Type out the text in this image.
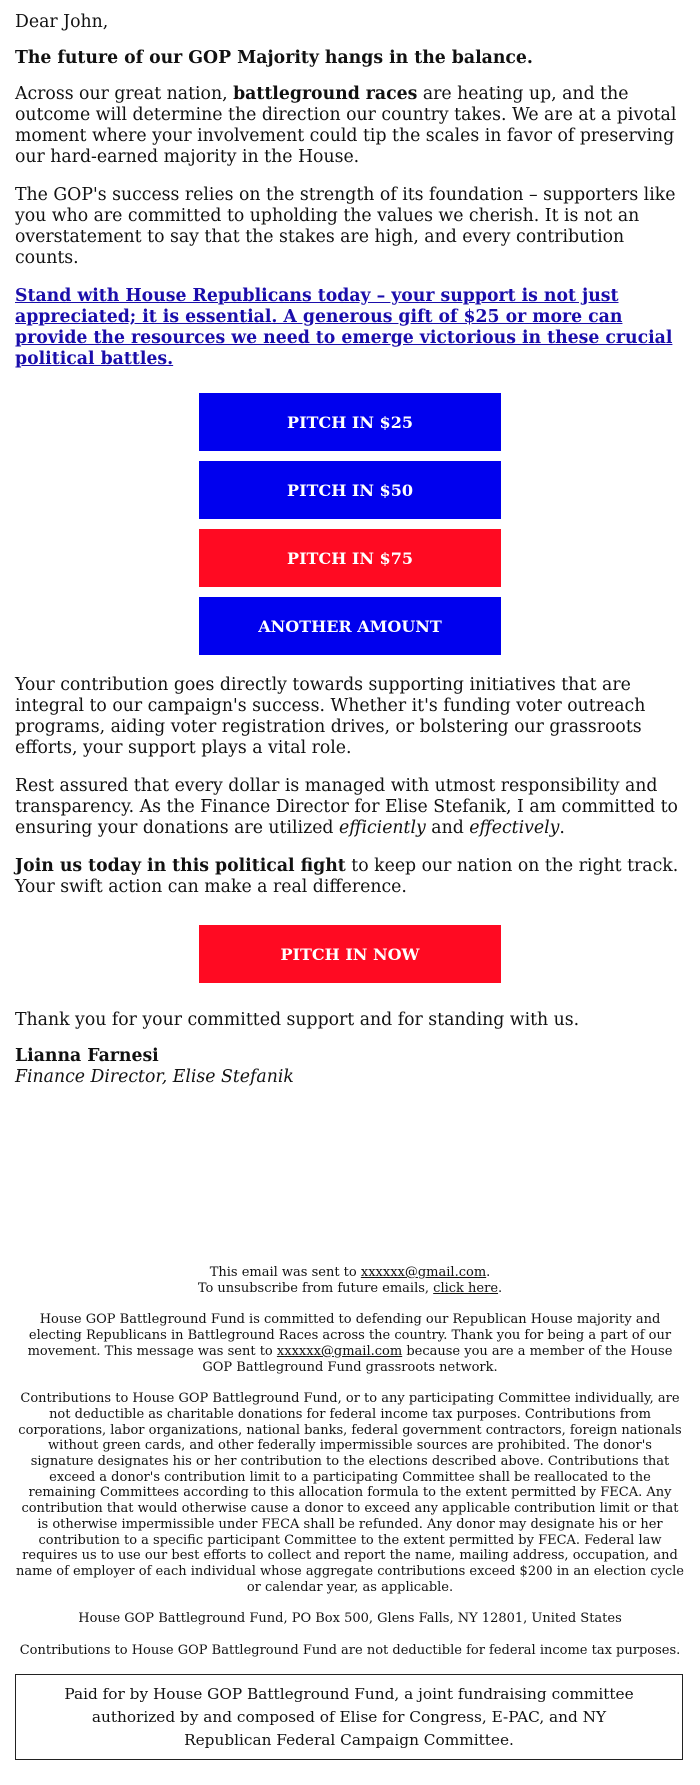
Dear John,

The future of our GOP Majority hangs in the balance.

Across our great nation, battleground races are heating up, and the outcome will determine the direction our country takes. We are at a pivotal moment where your involvement could tip the scales in favor of preserving our hard-earned majority in the House.

The GOP's success relies on the strength of its foundation – supporters like you who are committed to upholding the values we cherish. It is not an overstatement to say that the stakes are high, and every contribution counts.

Stand with House Republicans today – your support is not just appreciated; it is essential. A generous gift of $25 or more can provide the resources we need to emerge victorious in these crucial political battles.

PITCH IN $25
PITCH IN $50
PITCH IN $75
ANOTHER AMOUNT

Your contribution goes directly towards supporting initiatives that are integral to our campaign's success. Whether it's funding voter outreach programs, aiding voter registration drives, or bolstering our grassroots efforts, your support plays a vital role.

Rest assured that every dollar is managed with utmost responsibility and transparency. As the Finance Director for Elise Stefanik, I am committed to ensuring your donations are utilized efficiently and effectively.

Join us today in this political fight to keep our nation on the right track. Your swift action can make a real difference.

PITCH IN NOW

Thank you for your committed support and for standing with us.

Lianna Farnesi

Finance Director, Elise Stefanik

This email was sent to xxxxxx@gmail.com.

To unsubscribe from future emails, click here.

House GOP Battleground Fund is committed to defending our Republican House majority and electing Republicans in Battleground Races across the country. Thank you for being a part of our movement. This message was sent to xxxxxx@gmail.com because you are a member of the House GOP Battleground Fund grassroots network.

Contributions to House GOP Battleground Fund, or to any participating Committee individually, are not deductible as charitable donations for federal income tax purposes. Contributions from corporations, labor organizations, national banks, federal government contractors, foreign nationals without green cards, and other federally impermissible sources are prohibited. The donor's signature designates his or her contribution to the elections described above. Contributions that exceed a donor's contribution limit to a participating Committee shall be reallocated to the remaining Committees according to this allocation formula to the extent permitted by FECA. Any contribution that would otherwise cause a donor to exceed any applicable contribution limit or that is otherwise impermissible under FECA shall be refunded. Any donor may designate his or her contribution to a specific participant Committee to the extent permitted by FECA. Federal law requires us to use our best efforts to collect and report the name, mailing address, occupation, and name of employer of each individual whose aggregate contributions exceed $200 in an election cycle or calendar year, as applicable.

House GOP Battleground Fund, PO Box 500, Glens Falls, NY 12801, United States

Contributions to House GOP Battleground Fund are not deductible for federal income tax purposes.

Paid for by House GOP Battleground Fund, a joint fundraising committee authorized by and composed of Elise for Congress, E-PAC, and NY Republican Federal Campaign Committee.
